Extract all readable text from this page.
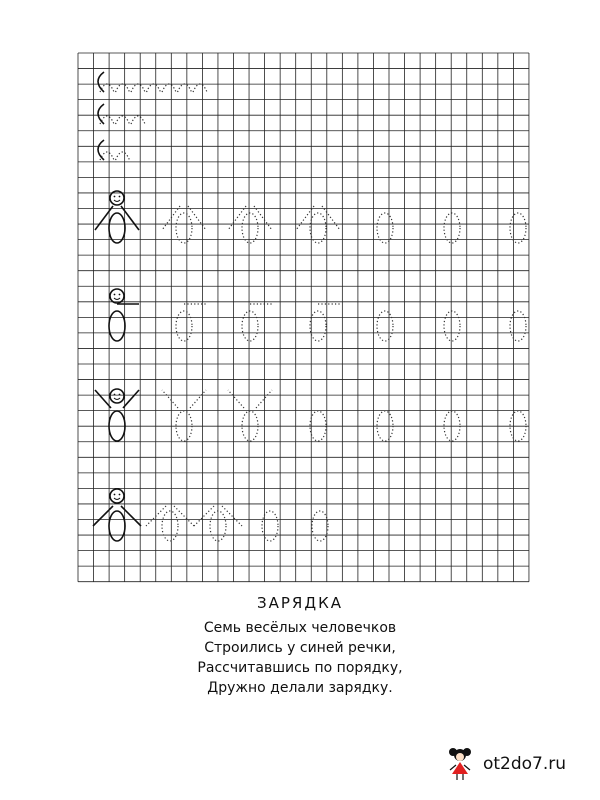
ЗАРЯДКА
Семь весёлых человечков
Строились у синей речки,
Рассчитавшись по порядку,
Дружно делали зарядку.
ot2do7.ru
